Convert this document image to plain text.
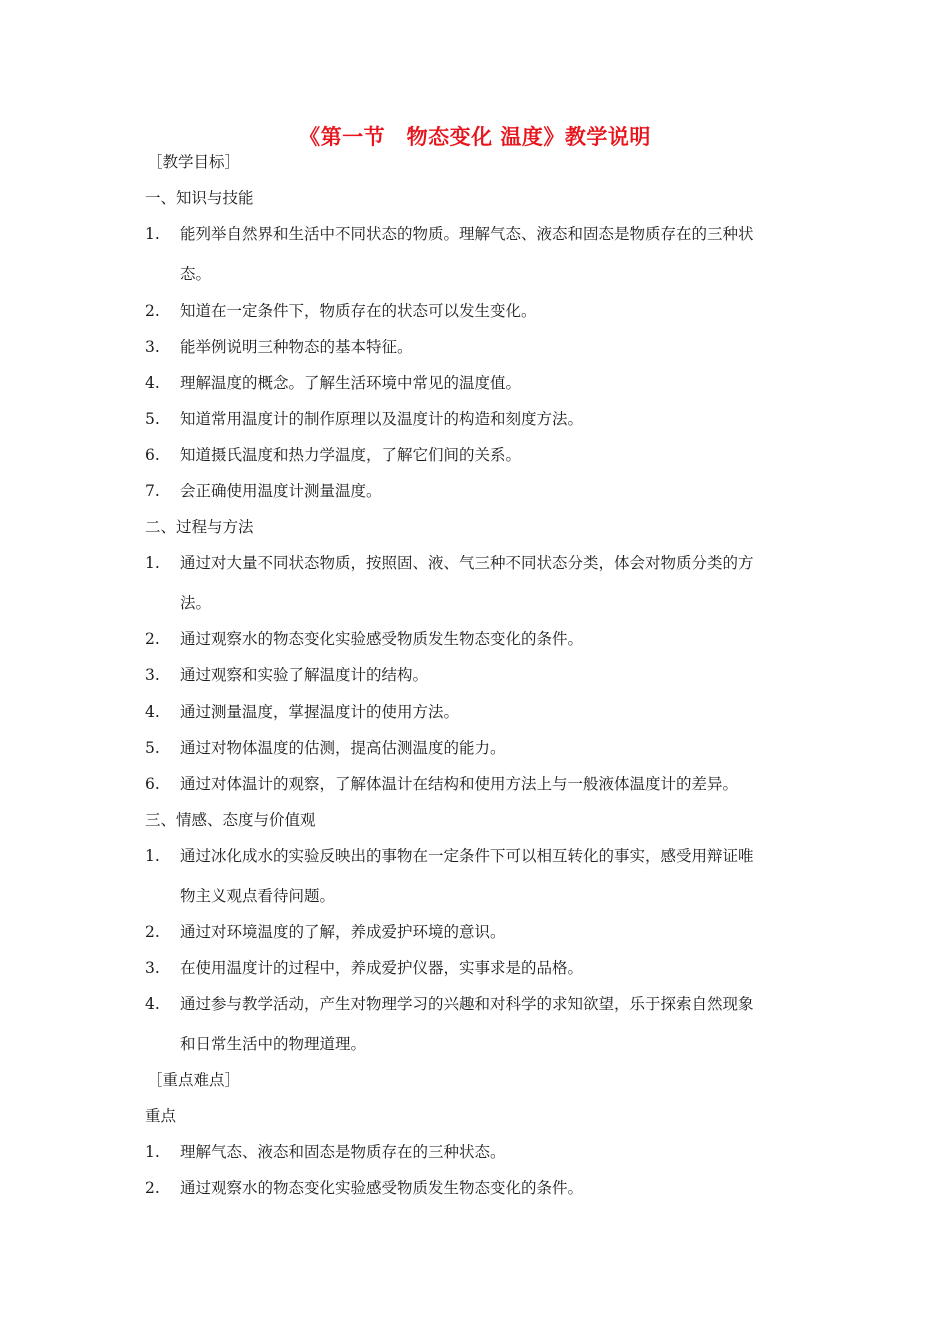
《第一节　物态变化 温度》教学说明
［教学目标］
一、知识与技能
1. 能列举自然界和生活中不同状态的物质。理解气态、液态和固态是物质存在的三种状
态。
2. 知道在一定条件下，物质存在的状态可以发生变化。
3. 能举例说明三种物态的基本特征。
4. 理解温度的概念。了解生活环境中常见的温度值。
5. 知道常用温度计的制作原理以及温度计的构造和刻度方法。
6. 知道摄氏温度和热力学温度，了解它们间的关系。
7. 会正确使用温度计测量温度。
二、过程与方法
1. 通过对大量不同状态物质，按照固、液、气三种不同状态分类，体会对物质分类的方
法。
2. 通过观察水的物态变化实验感受物质发生物态变化的条件。
3. 通过观察和实验了解温度计的结构。
4. 通过测量温度，掌握温度计的使用方法。
5. 通过对物体温度的估测，提高估测温度的能力。
6. 通过对体温计的观察，了解体温计在结构和使用方法上与一般液体温度计的差异。
三、情感、态度与价值观
1. 通过冰化成水的实验反映出的事物在一定条件下可以相互转化的事实，感受用辩证唯
物主义观点看待问题。
2. 通过对环境温度的了解，养成爱护环境的意识。
3. 在使用温度计的过程中，养成爱护仪器，实事求是的品格。
4. 通过参与教学活动，产生对物理学习的兴趣和对科学的求知欲望，乐于探索自然现象
和日常生活中的物理道理。
［重点难点］
重点
1. 理解气态、液态和固态是物质存在的三种状态。
2. 通过观察水的物态变化实验感受物质发生物态变化的条件。
